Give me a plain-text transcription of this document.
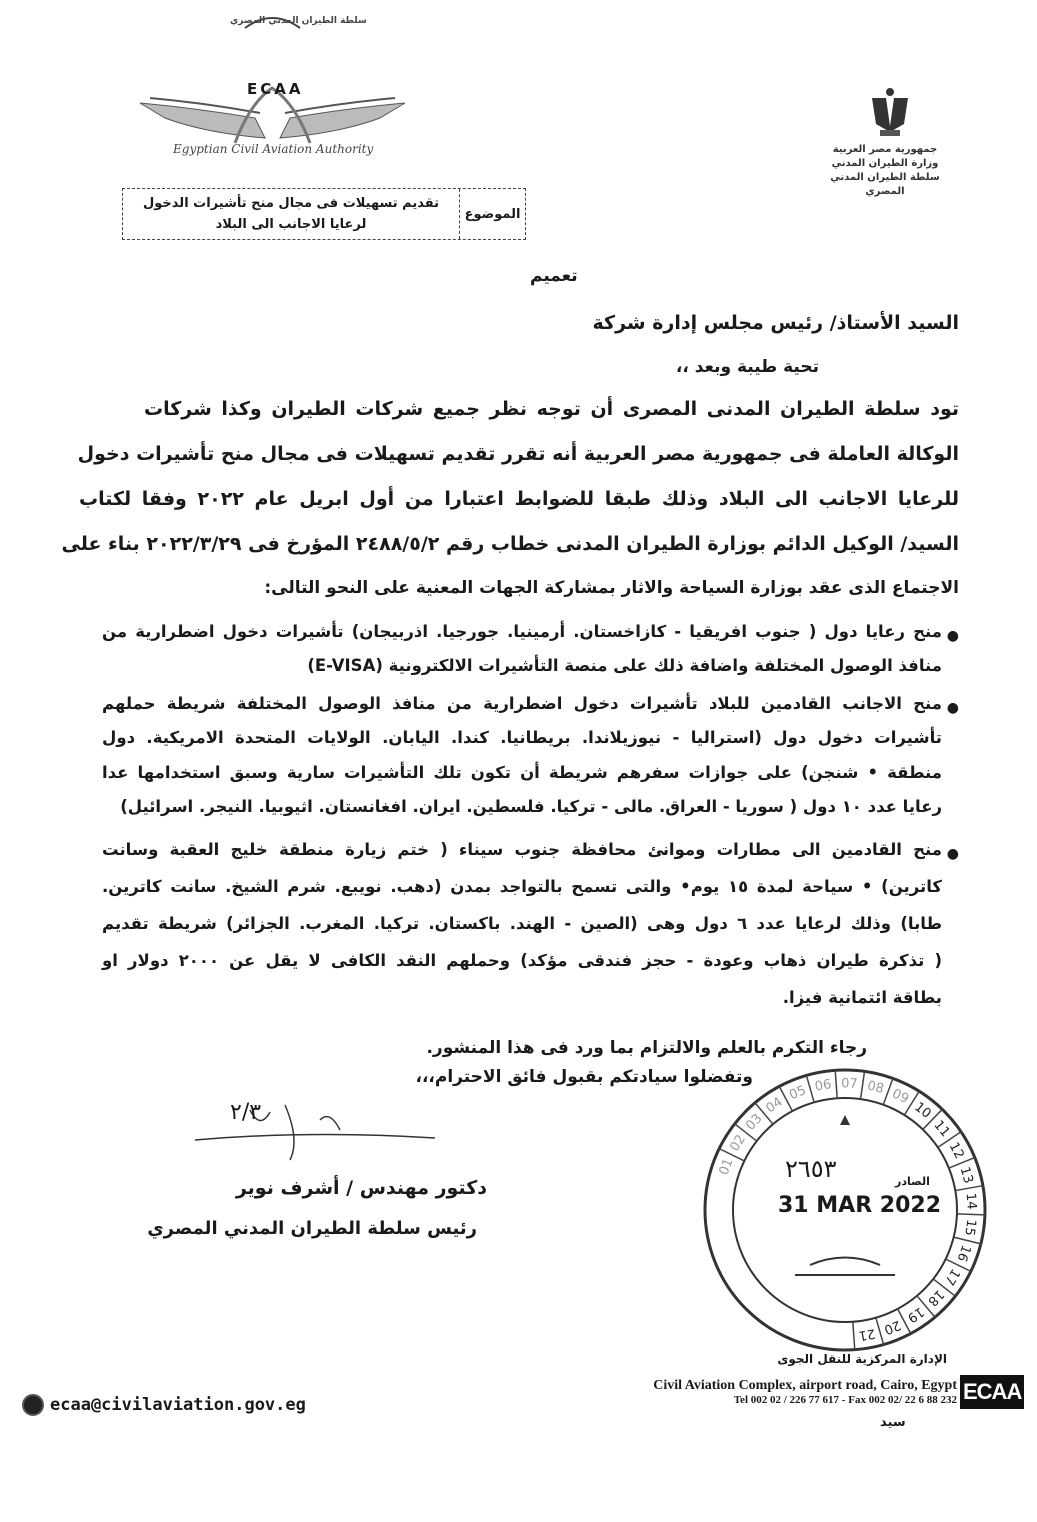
ECAA
سلطة الطيران المدني المصري
Egyptian Civil Aviation Authority	جمهورية مصر العربية
وزارة الطيران المدني
سلطة الطيران المدني المصري
الموضوع
تقديم تسهيلات فى مجال منح تأشيرات الدخول
لرعايا الاجانب الى البلاد
تعميم
السيد الأستاذ/ رئيس مجلس إدارة شركة
تحية طيبة وبعد ،،
تود سلطة الطيران المدنى المصرى أن توجه نظر جميع شركات الطيران وكذا شركات
الوكالة العاملة فى جمهورية مصر العربية أنه تقرر تقديم تسهيلات فى مجال منح تأشيرات دخول
للرعايا الاجانب الى البلاد وذلك طبقا للضوابط اعتبارا من أول ابريل عام ٢٠٢٢ وفقا لكتاب
السيد/ الوكيل الدائم بوزارة الطيران المدنى خطاب رقم ٢٤٨٨/٥/٢ المؤرخ فى ٢٠٢٢/٣/٢٩ بناء على
الاجتماع الذى عقد بوزارة السياحة والاثار بمشاركة الجهات المعنية على النحو التالى:
●
منح رعايا دول ( جنوب افريقيا - كازاخستان. أرمينيا. جورجيا. اذربيجان) تأشيرات دخول اضطرارية من
منافذ الوصول المختلفة واضافة ذلك على منصة التأشيرات الالكترونية (E-VISA)
●
منح الاجانب القادمين للبلاد تأشيرات دخول اضطرارية من منافذ الوصول المختلفة شريطة حملهم
تأشيرات دخول دول (استراليا - نيوزيلاندا. بريطانيا. كندا. اليابان. الولايات المتحدة الامريكية. دول
منطقة • شنجن) على جوازات سفرهم شريطة أن تكون تلك التأشيرات سارية وسبق استخدامها عدا
رعايا عدد ١٠ دول ( سوريا - العراق. مالى - تركيا. فلسطين. ايران. افغانستان. اثيوبيا. النيجر. اسرائيل)
●
منح القادمين الى مطارات وموانئ محافظة جنوب سيناء ( ختم زيارة منطقة خليج العقبة وسانت
كاترين) • سياحة لمدة ١٥ يوم• والتى تسمح بالتواجد بمدن (دهب. نويبع. شرم الشيخ. سانت كاترين.
طابا) وذلك لرعايا عدد ٦ دول وهى (الصين - الهند. باكستان. تركيا. المغرب. الجزائر) شريطة تقديم
( تذكرة طيران ذهاب وعودة - حجز فندقى مؤكد) وحملهم النقد الكافى لا يقل عن ٢٠٠٠ دولار او
بطاقة ائتمانية فيزا.
رجاء التكرم بالعلم والالتزام بما ورد فى هذا المنشور.
وتفضلوا سيادتكم بقبول فائق الاحترام،،،
٢/٣
دكتور مهندس / أشرف نوير
رئيس سلطة الطيران المدني المصري
01
02
03
04
05 06 07 08 09
10
11
12
13
14
15
16
17
18
19
20
21
الصادر
٢٦٥٣
31 MAR 2022
الإدارة المركزية للنقل الجوى
ecaa@civilaviation.gov.eg
Civil Aviation Complex, airport road, Cairo, Egypt
Tel 002 02 / 226 77 617 - Fax 002 02/ 22 6 88 232 ECAA
سيد
